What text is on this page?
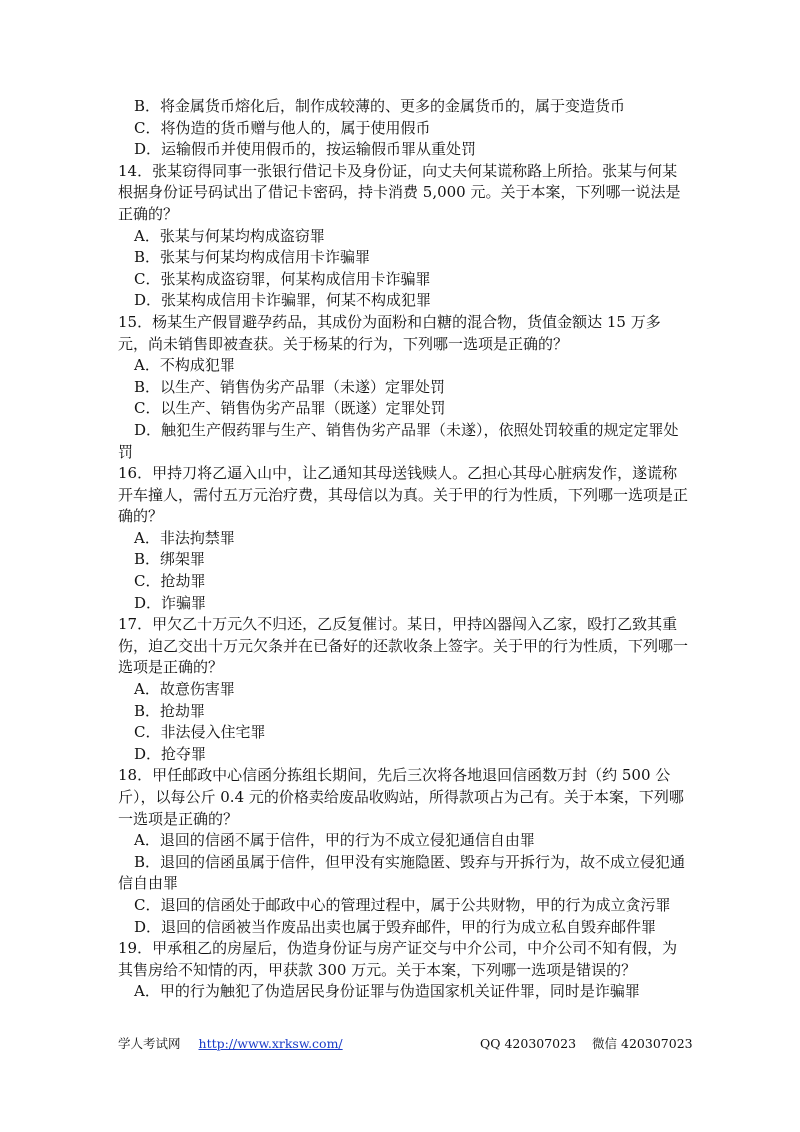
B．将金属货币熔化后，制作成较薄的、更多的金属货币的，属于变造货币
C．将伪造的货币赠与他人的，属于使用假币
D．运输假币并使用假币的，按运输假币罪从重处罚
14．张某窃得同事一张银行借记卡及身份证，向丈夫何某谎称路上所拾。张某与何某根据身份证号码试出了借记卡密码，持卡消费 5,000 元。关于本案，下列哪一说法是正确的？
A．张某与何某均构成盗窃罪
B．张某与何某均构成信用卡诈骗罪
C．张某构成盗窃罪，何某构成信用卡诈骗罪
D．张某构成信用卡诈骗罪，何某不构成犯罪
15．杨某生产假冒避孕药品，其成份为面粉和白糖的混合物，货值金额达 15 万多元，尚未销售即被查获。关于杨某的行为，下列哪一选项是正确的？
A．不构成犯罪
B．以生产、销售伪劣产品罪（未遂）定罪处罚
C．以生产、销售伪劣产品罪（既遂）定罪处罚
D．触犯生产假药罪与生产、销售伪劣产品罪（未遂），依照处罚较重的规定定罪处罚
16．甲持刀将乙逼入山中，让乙通知其母送钱赎人。乙担心其母心脏病发作，遂谎称开车撞人，需付五万元治疗费，其母信以为真。关于甲的行为性质，下列哪一选项是正确的？
A．非法拘禁罪
B．绑架罪
C．抢劫罪
D．诈骗罪
17．甲欠乙十万元久不归还，乙反复催讨。某日，甲持凶器闯入乙家，殴打乙致其重伤，迫乙交出十万元欠条并在已备好的还款收条上签字。关于甲的行为性质，下列哪一选项是正确的？
A．故意伤害罪
B．抢劫罪
C．非法侵入住宅罪
D．抢夺罪
18．甲任邮政中心信函分拣组长期间，先后三次将各地退回信函数万封（约 500 公斤），以每公斤 0.4 元的价格卖给废品收购站，所得款项占为己有。关于本案，下列哪一选项是正确的？
A．退回的信函不属于信件，甲的行为不成立侵犯通信自由罪
B．退回的信函虽属于信件，但甲没有实施隐匿、毁弃与开拆行为，故不成立侵犯通信自由罪
C．退回的信函处于邮政中心的管理过程中，属于公共财物，甲的行为成立贪污罪
D．退回的信函被当作废品出卖也属于毁弃邮件，甲的行为成立私自毁弃邮件罪
19．甲承租乙的房屋后，伪造身份证与房产证交与中介公司，中介公司不知有假，为其售房给不知情的丙，甲获款 300 万元。关于本案，下列哪一选项是错误的？
A．甲的行为触犯了伪造居民身份证罪与伪造国家机关证件罪，同时是诈骗罪
学人考试网 http://www.xrksw.com/	QQ 420307023 微信 420307023
